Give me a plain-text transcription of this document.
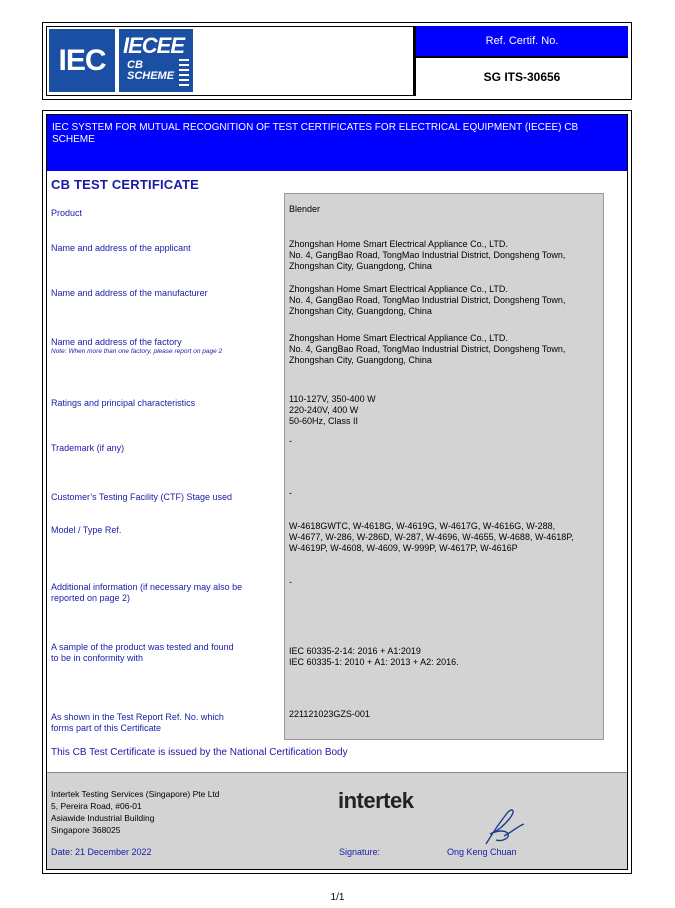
IEC IECEE
CB
SCHEME
Ref. Certif. No.
SG ITS-30656
IEC SYSTEM FOR MUTUAL RECOGNITION OF TEST CERTIFICATES FOR ELECTRICAL EQUIPMENT (IECEE) CB SCHEME
CB TEST CERTIFICATE
Product
Name and address of the applicant
Name and address of the manufacturer
Name and address of the factory
Note: When more than one factory, please report on page 2
Ratings and principal characteristics
Trademark (if any)
Customer’s Testing Facility (CTF) Stage used
Model / Type Ref.
Additional information (if necessary may also be
reported on page 2)
A sample of the product was tested and found
to be in conformity with
As shown in the Test Report Ref. No. which
forms part of this Certificate
Blender
Zhongshan Home Smart Electrical Appliance Co., LTD.
No. 4, GangBao Road, TongMao Industrial District, Dongsheng Town,
Zhongshan City, Guangdong, China
Zhongshan Home Smart Electrical Appliance Co., LTD.
No. 4, GangBao Road, TongMao Industrial District, Dongsheng Town,
Zhongshan City, Guangdong, China
Zhongshan Home Smart Electrical Appliance Co., LTD.
No. 4, GangBao Road, TongMao Industrial District, Dongsheng Town,
Zhongshan City, Guangdong, China
110-127V, 350-400 W
220-240V, 400 W
50-60Hz, Class II
-
-
W-4618GWTC, W-4618G, W-4619G, W-4617G, W-4616G, W-288,
W-4677, W-286, W-286D, W-287, W-4696, W-4655, W-4688, W-4618P,
W-4619P, W-4608, W-4609, W-999P, W-4617P, W-4616P
-
IEC 60335-2-14: 2016 + A1:2019
IEC 60335-1: 2010 + A1: 2013 + A2: 2016.
221121023GZS-001
This CB Test Certificate is issued by the National Certification Body
Intertek Testing Services (Singapore) Pte Ltd
5, Pereira Road, #06-01
Asiawide Industrial Building
Singapore 368025
intertek
Date: 21 December 2022	Signature:	Ong Keng Chuan
1/1
